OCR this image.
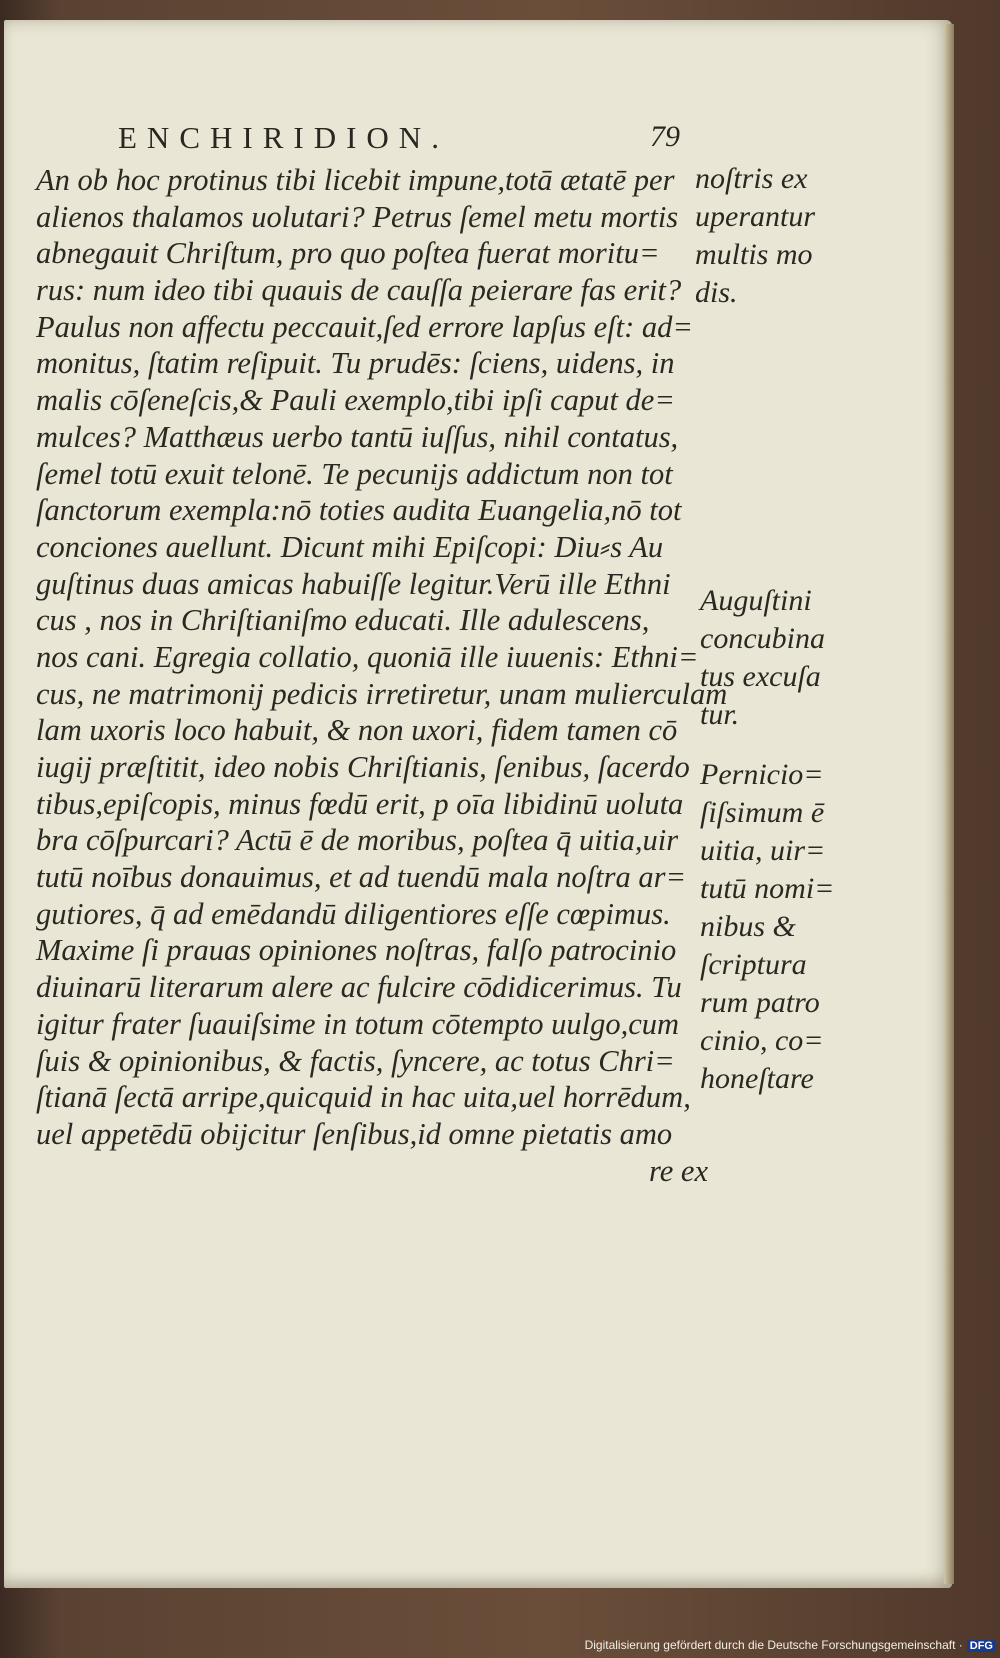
ENCHIRIDION.	79
An ob hoc protinus tibi licebit impune,totā ætatē per
alienos thalamos uolutari? Petrus ſemel metu mortis
abnegauit Chriſtum, pro quo poſtea fuerat moritu=
rus: num ideo tibi quauis de cauſſa peierare fas erit?
Paulus non affectu peccauit,ſed errore lapſus eſt: ad=
monitus, ſtatim reſipuit. Tu prudēs: ſciens, uidens, in
malis cōſeneſcis,& Pauli exemplo,tibi ipſi caput de=
mulces? Matthæus uerbo tantū iuſſus, nihil contatus,
ſemel totū exuit telonē. Te pecunijs addictum non tot
ſanctorum exempla:nō toties audita Euangelia,nō tot
conciones auellunt. Dicunt mihi Epiſcopi: Diu⸗s Au
guſtinus duas amicas habuiſſe legitur.Verū ille Ethni
cus , nos in Chriſtianiſmo educati. Ille adulescens,
nos cani. Egregia collatio, quoniā ille iuuenis: Ethni=
cus, ne matrimonij pedicis irretiretur, unam mulierculam
lam uxoris loco habuit, & non uxori, fidem tamen cō
iugij præſtitit, ideo nobis Chriſtianis, ſenibus, ſacerdo
tibus,epiſcopis, minus fœdū erit, p oīa libidinū uoluta
bra cōſpurcari? Actū ē de moribus, poſtea q̄ uitia,uir
tutū noībus donauimus, et ad tuendū mala noſtra ar=
gutiores, q̄ ad emēdandū diligentiores eſſe cœpimus.
Maxime ſi prauas opiniones noſtras, falſo patrocinio
diuinarū literarum alere ac fulcire cōdidicerimus. Tu
igitur frater ſuauiſsime in totum cōtempto uulgo,cum
ſuis & opinionibus, & factis, ſyncere, ac totus Chri=
ſtianā ſectā arripe,quicquid in hac uita,uel horrēdum,
uel appetēdū obijcitur ſenſibus,id omne pietatis amo
re ex
noſtris ex
uperantur
multis mo
dis.
Auguſtini
concubina
tus excuſa
tur.
Pernicio=
ſiſsimum ē
uitia, uir=
tutū nomi=
nibus &
ſcriptura
rum patro
cinio, co=
honeſtare
Digitalisierung gefördert durch die Deutsche Forschungsgemeinschaft · DFG
